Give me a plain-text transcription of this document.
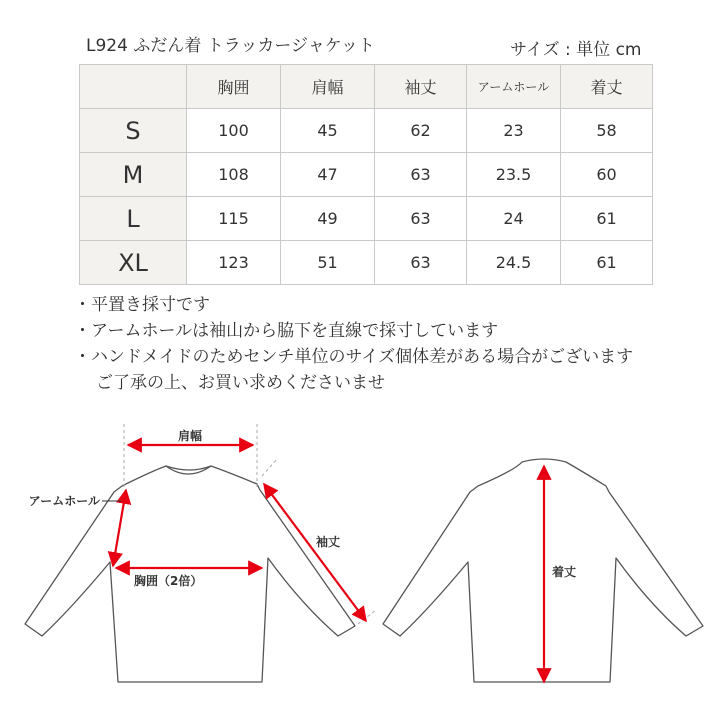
L924 ふだん着 トラッカージャケット	サイズ : 単位 cm
	胸囲	肩幅	袖丈	アームホール	着丈
S	100	45	62	23	58
M	108	47	63	23.5	60
L	115	49	63	24	61
XL	123	51	63	24.5	61
・平置き採寸です
・アームホールは袖山から脇下を直線で採寸しています
・ハンドメイドのためセンチ単位のサイズ個体差がある場合がございます
ご了承の上、お買い求めくださいませ
肩幅
アームホール
胸囲（2倍）
袖丈
着丈
